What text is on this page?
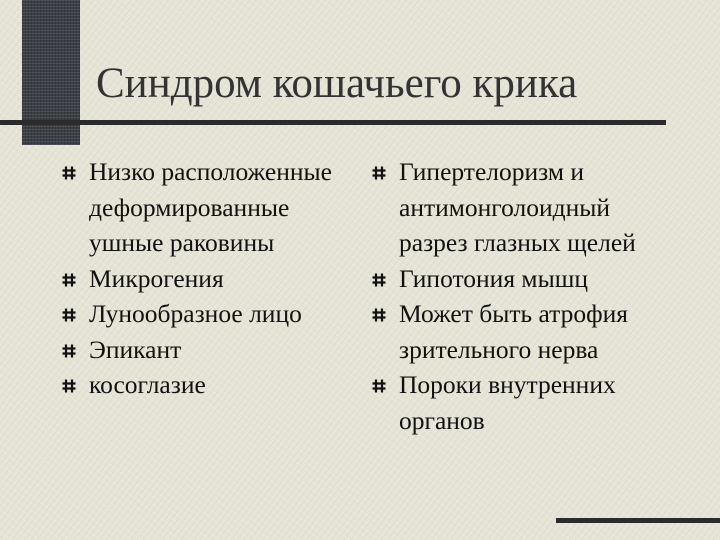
Синдром кошачьего крика
Низко расположенные деформированные ушные раковины
Микрогения
Лунообразное лицо
Эпикант
косоглазие
Гипертелоризм и антимонголоидный разрез глазных щелей
Гипотония мышц
Может быть атрофия зрительного нерва
Пороки внутренних органов
